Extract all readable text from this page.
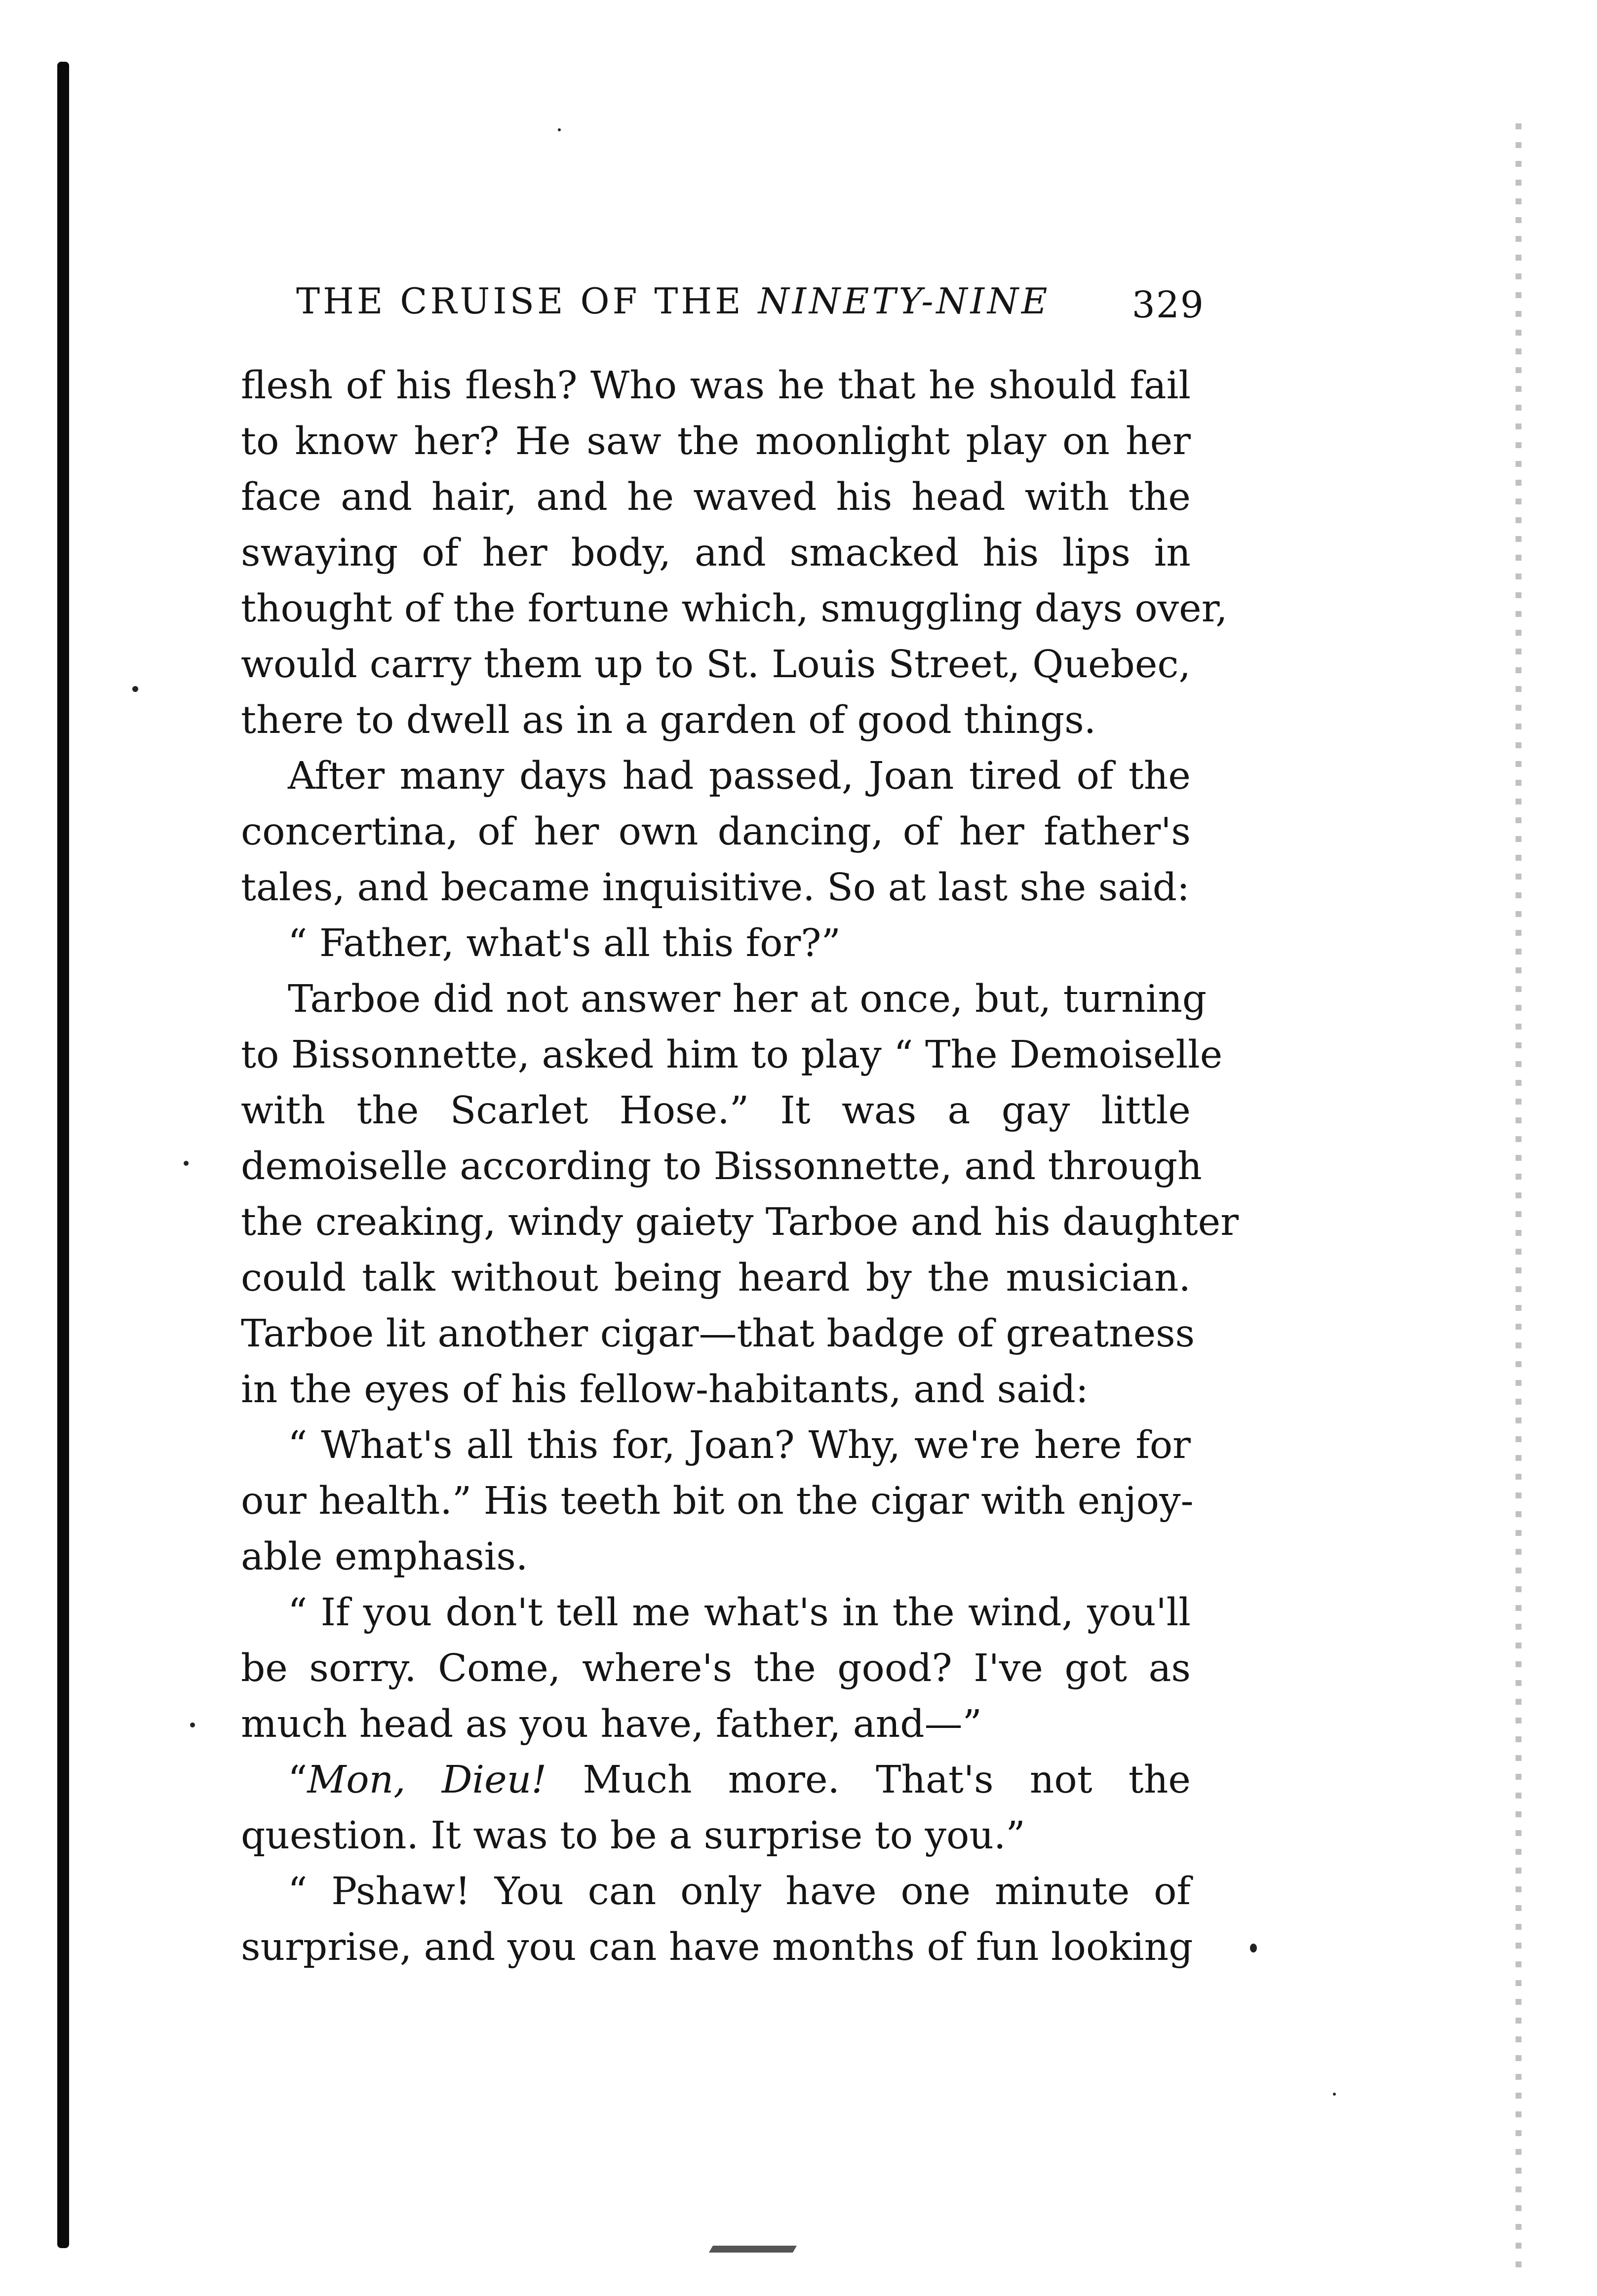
THE CRUISE OF THE NINETY-NINE 329
flesh of his flesh? Who was he that he should fail
to know her? He saw the moonlight play on her
face and hair, and he waved his head with the
swaying of her body, and smacked his lips in
thought of the fortune which, smuggling days over,
would carry them up to St. Louis Street, Quebec,
there to dwell as in a garden of good things.
After many days had passed, Joan tired of the
concertina, of her own dancing, of her father's
tales, and became inquisitive. So at last she said:
“ Father, what's all this for?”
Tarboe did not answer her at once, but, turning
to Bissonnette, asked him to play “ The Demoiselle
with the Scarlet Hose.” It was a gay little
demoiselle according to Bissonnette, and through
the creaking, windy gaiety Tarboe and his daughter
could talk without being heard by the musician.
Tarboe lit another cigar—that badge of greatness
in the eyes of his fellow-habitants, and said:
“ What's all this for, Joan? Why, we're here for
our health.” His teeth bit on the cigar with enjoy-
able emphasis.
“ If you don't tell me what's in the wind, you'll
be sorry. Come, where's the good? I've got as
much head as you have, father, and—”
“Mon, Dieu! Much more. That's not the
question. It was to be a surprise to you.”
“ Pshaw! You can only have one minute of
surprise, and you can have months of fun looking
